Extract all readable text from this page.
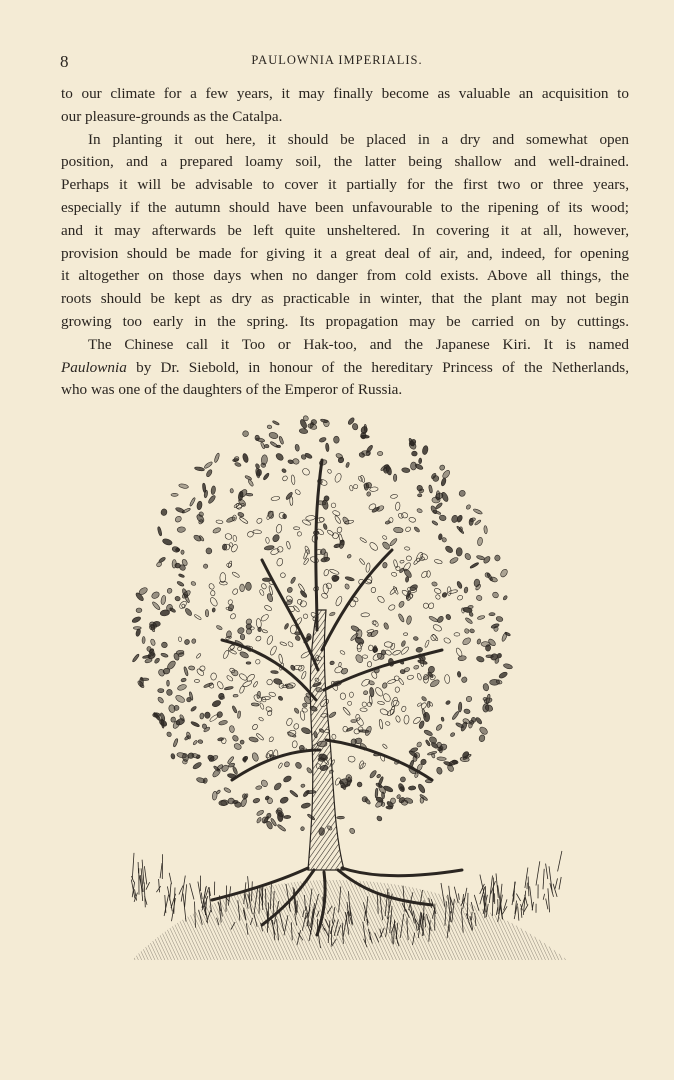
8	PAULOWNIA IMPERIALIS.
to our climate for a few years, it may finally become as valuable an acquisition to
our pleasure-grounds as the Catalpa.
In planting it out here, it should be placed in a dry and somewhat open
position, and a prepared loamy soil, the latter being shallow and well-drained.
Perhaps it will be advisable to cover it partially for the first two or three years,
especially if the autumn should have been unfavourable to the ripening of its wood;
and it may afterwards be left quite unsheltered. In covering it at all, however,
provision should be made for giving it a great deal of air, and, indeed, for opening
it altogether on those days when no danger from cold exists. Above all things, the
roots should be kept as dry as practicable in winter, that the plant may not begin
growing too early in the spring. Its propagation may be carried on by cuttings.
The Chinese call it Too or Hak-too, and the Japanese Kiri. It is named
Paulownia by Dr. Siebold, in honour of the hereditary Princess of the Netherlands,
who was one of the daughters of the Emperor of Russia.
